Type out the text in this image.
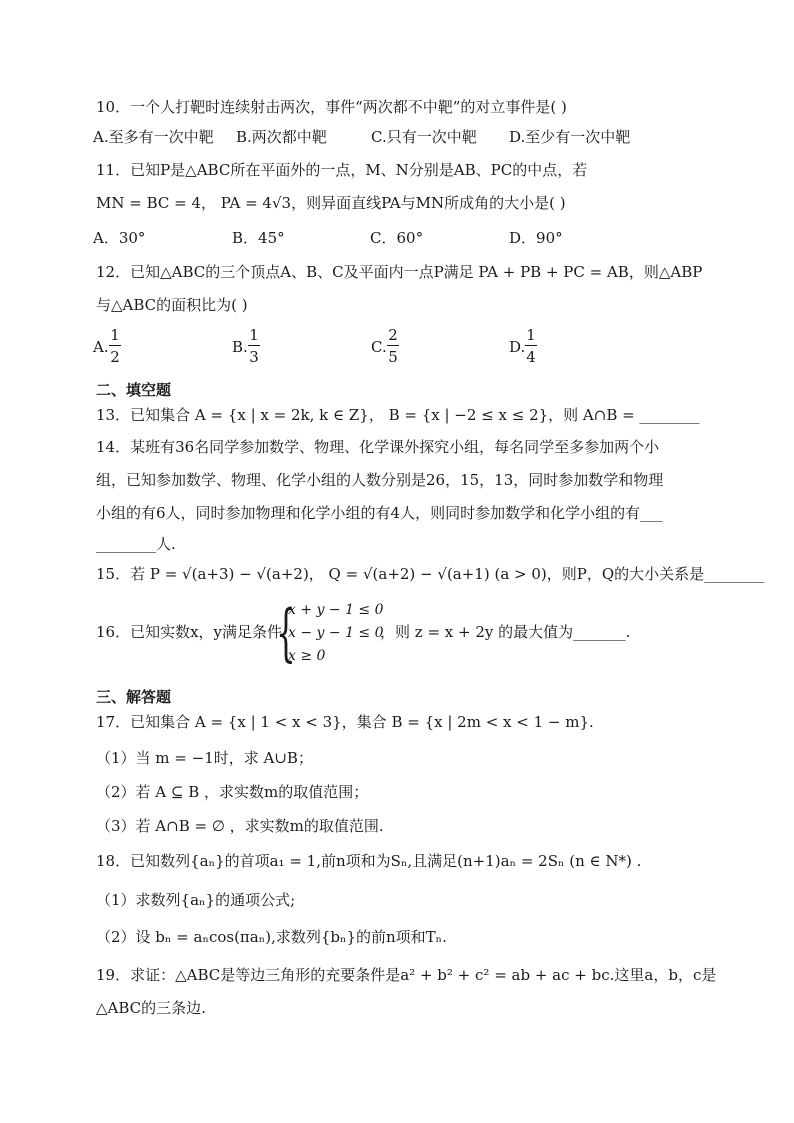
10．一个人打靶时连续射击两次，事件“两次都不中靶”的对立事件是( )
A.至多有一次中靶 B.两次都中靶	C.只有一次中靶 D.至少有一次中靶
11．已知P是△ABC所在平面外的一点，M、N分别是AB、PC的中点，若
MN = BC = 4， PA = 4√3，则异面直线PA与MN所成角的大小是( )
A．30°	B．45°	C．60°	D．90°
12．已知△ABC的三个顶点A、B、C及平面内一点P满足 PA + PB + PC = AB，则△ABP
与△ABC的面积比为( )
A.
1
2
B.
1
3
C.
2
5
D.
1
4
二、填空题
13．已知集合 A = {x | x = 2k, k ∈ Z}， B = {x | −2 ≤ x ≤ 2}，则 A∩B = ________
14．某班有36名同学参加数学、物理、化学课外探究小组，每名同学至多参加两个小
组，已知参加数学、物理、化学小组的人数分别是26，15，13，同时参加数学和物理
小组的有6人，同时参加物理和化学小组的有4人，则同时参加数学和化学小组的有___
________人.
15．若 P = √(a+3) − √(a+2)， Q = √(a+2) − √(a+1) (a > 0)，则P，Q的大小关系是________
16．已知实数x，y满足条件
{
x + y − 1 ≤ 0
x − y − 1 ≤ 0
x ≥ 0
，则 z = x + 2y 的最大值为_______.
三、解答题
17．已知集合 A = {x | 1 < x < 3}，集合 B = {x | 2m < x < 1 − m}.
（1）当 m = −1时，求 A∪B；
（2）若 A ⊆ B ，求实数m的取值范围；
（3）若 A∩B = ∅ ，求实数m的取值范围.
18．已知数列{aₙ}的首项a₁ = 1,前n项和为Sₙ,且满足(n+1)aₙ = 2Sₙ (n ∈ N*) .
（1）求数列{aₙ}的通项公式;
（2）设 bₙ = aₙcos(πaₙ),求数列{bₙ}的前n项和Tₙ.
19．求证：△ABC是等边三角形的充要条件是a² + b² + c² = ab + ac + bc.这里a，b，c是
△ABC的三条边.
